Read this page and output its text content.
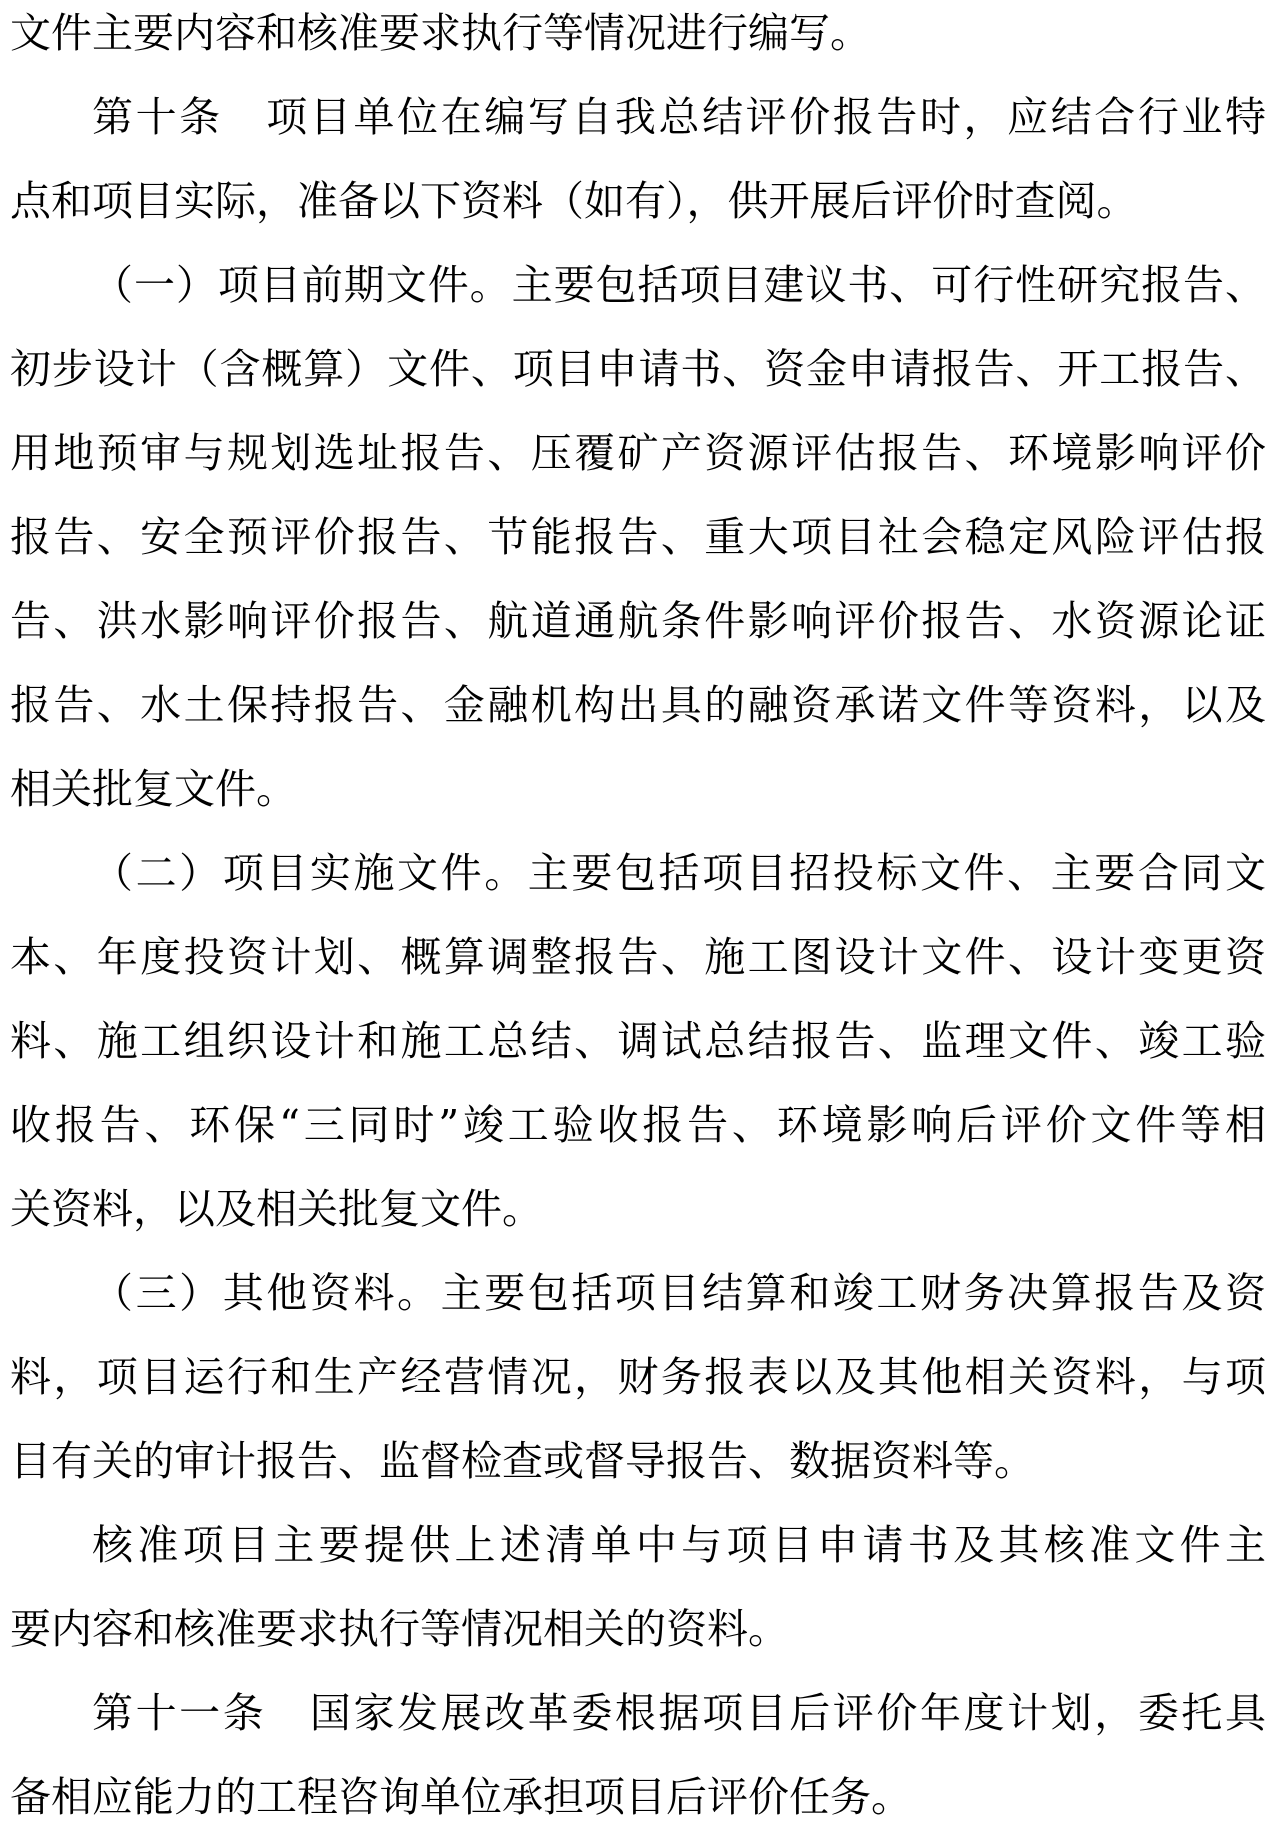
文件主要内容和核准要求执行等情况进行编写。
第十条　项目单位在编写自我总结评价报告时，应结合行业特
点和项目实际，准备以下资料（如有），供开展后评价时查阅。
（一）项目前期文件。主要包括项目建议书、可行性研究报告、
初步设计（含概算）文件、项目申请书、资金申请报告、开工报告、
用地预审与规划选址报告、压覆矿产资源评估报告、环境影响评价
报告、安全预评价报告、节能报告、重大项目社会稳定风险评估报
告、洪水影响评价报告、航道通航条件影响评价报告、水资源论证
报告、水土保持报告、金融机构出具的融资承诺文件等资料，以及
相关批复文件。
（二）项目实施文件。主要包括项目招投标文件、主要合同文
本、年度投资计划、概算调整报告、施工图设计文件、设计变更资
料、施工组织设计和施工总结、调试总结报告、监理文件、竣工验
收报告、环保“三同时”竣工验收报告、环境影响后评价文件等相
关资料，以及相关批复文件。
（三）其他资料。主要包括项目结算和竣工财务决算报告及资
料，项目运行和生产经营情况，财务报表以及其他相关资料，与项
目有关的审计报告、监督检查或督导报告、数据资料等。
核准项目主要提供上述清单中与项目申请书及其核准文件主
要内容和核准要求执行等情况相关的资料。
第十一条　国家发展改革委根据项目后评价年度计划，委托具
备相应能力的工程咨询单位承担项目后评价任务。
